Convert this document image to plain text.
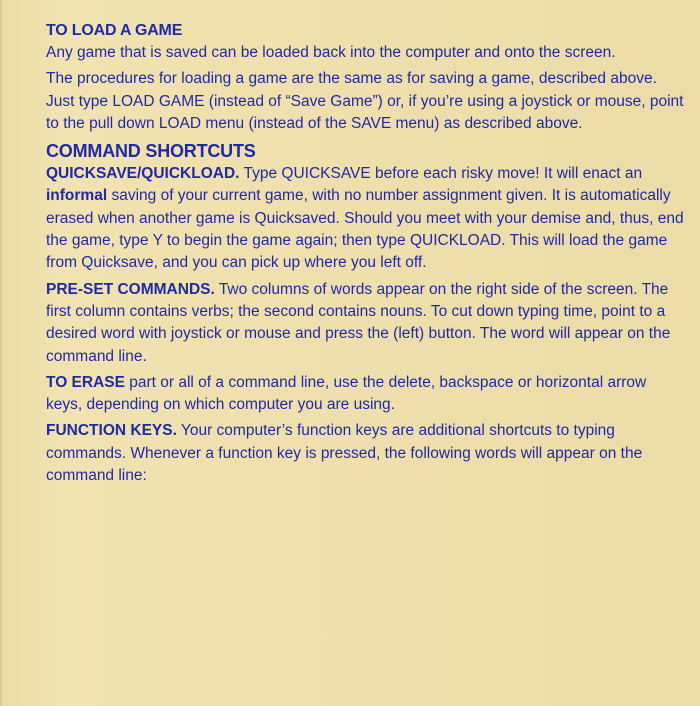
TO LOAD A GAME

Any game that is saved can be loaded back into the computer and onto the screen.

The procedures for loading a game are the same as for saving a game, described above. Just type LOAD GAME (instead of “Save Game”) or, if you’re using a joystick or mouse, point to the pull down LOAD menu (instead of the SAVE menu) as described above.

COMMAND SHORTCUTS

QUICKSAVE/QUICKLOAD. Type QUICKSAVE before each risky move! It will enact an informal saving of your current game, with no number assignment given. It is automatically erased when another game is Quicksaved. Should you meet with your demise and, thus, end the game, type Y to begin the game again; then type QUICKLOAD. This will load the game from Quicksave, and you can pick up where you left off.

PRE-SET COMMANDS. Two columns of words appear on the right side of the screen. The first column contains verbs; the second contains nouns. To cut down typing time, point to a desired word with joystick or mouse and press the (left) button. The word will appear on the command line.

TO ERASE part or all of a command line, use the delete, backspace or horizontal arrow keys, depending on which computer you are using.

FUNCTION KEYS. Your computer’s function keys are additional shortcuts to typing commands. Whenever a function key is pressed, the following words will appear on the command line:
